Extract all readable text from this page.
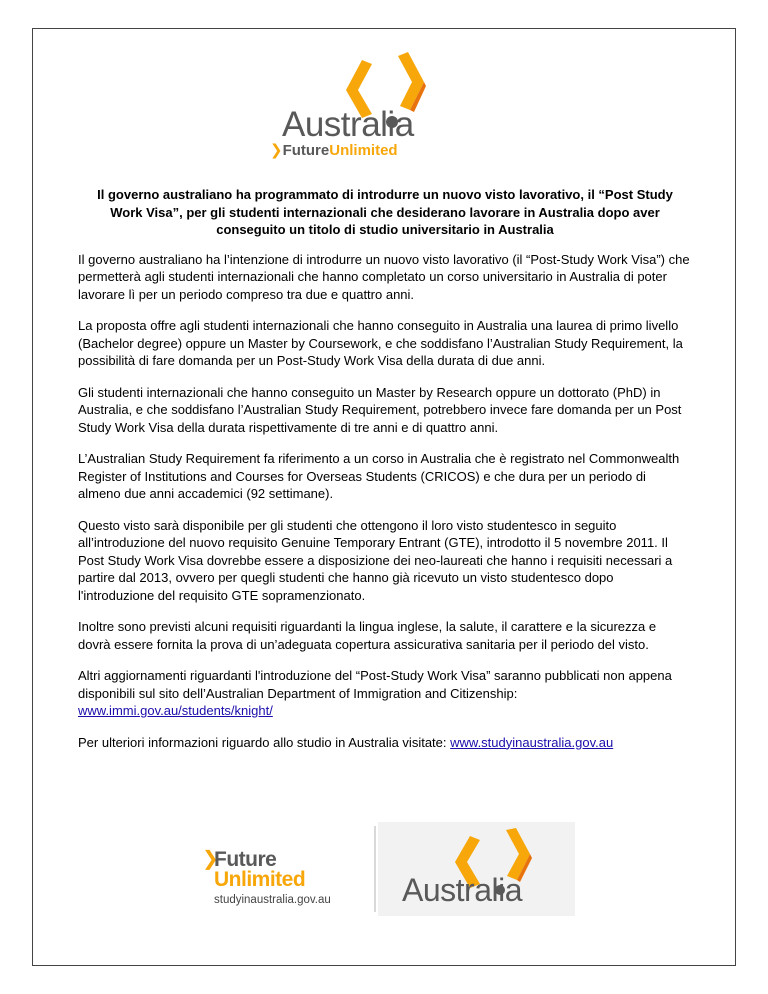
Australia
❯FutureUnlimited
Il governo australiano ha programmato di introdurre un nuovo visto lavorativo, il “Post Study Work Visa”, per gli studenti internazionali che desiderano lavorare in Australia dopo aver conseguito un titolo di studio universitario in Australia

Il governo australiano ha l’intenzione di introdurre un nuovo visto lavorativo (il “Post-Study Work Visa”) che permetterà agli studenti internazionali che hanno completato un corso universitario in Australia di poter lavorare lì per un periodo compreso tra due e quattro anni.

La proposta offre agli studenti internazionali che hanno conseguito in Australia una laurea di primo livello (Bachelor degree) oppure un Master by Coursework, e che soddisfano l’Australian Study Requirement, la possibilità di fare domanda per un Post-Study Work Visa della durata di due anni.

Gli studenti internazionali che hanno conseguito un Master by Research oppure un dottorato (PhD) in Australia, e che soddisfano l’Australian Study Requirement, potrebbero invece fare domanda per un Post Study Work Visa della durata rispettivamente di tre anni e di quattro anni.

L’Australian Study Requirement fa riferimento a un corso in Australia che è registrato nel Commonwealth Register of Institutions and Courses for Overseas Students (CRICOS) e che dura per un periodo di almeno due anni accademici (92 settimane).

Questo visto sarà disponibile per gli studenti che ottengono il loro visto studentesco in seguito all’introduzione del nuovo requisito Genuine Temporary Entrant (GTE), introdotto il 5 novembre 2011. Il Post Study Work Visa dovrebbe essere a disposizione dei neo-laureati che hanno i requisiti necessari a partire dal 2013, ovvero per quegli studenti che hanno già ricevuto un visto studentesco dopo l'introduzione del requisito GTE sopramenzionato.

Inoltre sono previsti alcuni requisiti riguardanti la lingua inglese, la salute, il carattere e la sicurezza e dovrà essere fornita la prova di un’adeguata copertura assicurativa sanitaria per il periodo del visto.

Altri aggiornamenti riguardanti l'introduzione del “Post-Study Work Visa” saranno pubblicati non appena disponibili sul sito dell’Australian Department of Immigration and Citizenship: www.immi.gov.au/students/knight/

Per ulteriori informazioni riguardo allo studio in Australia visitate: www.studyinaustralia.gov.au

❯
Future
Unlimited
studyinaustralia.gov.au Australia
